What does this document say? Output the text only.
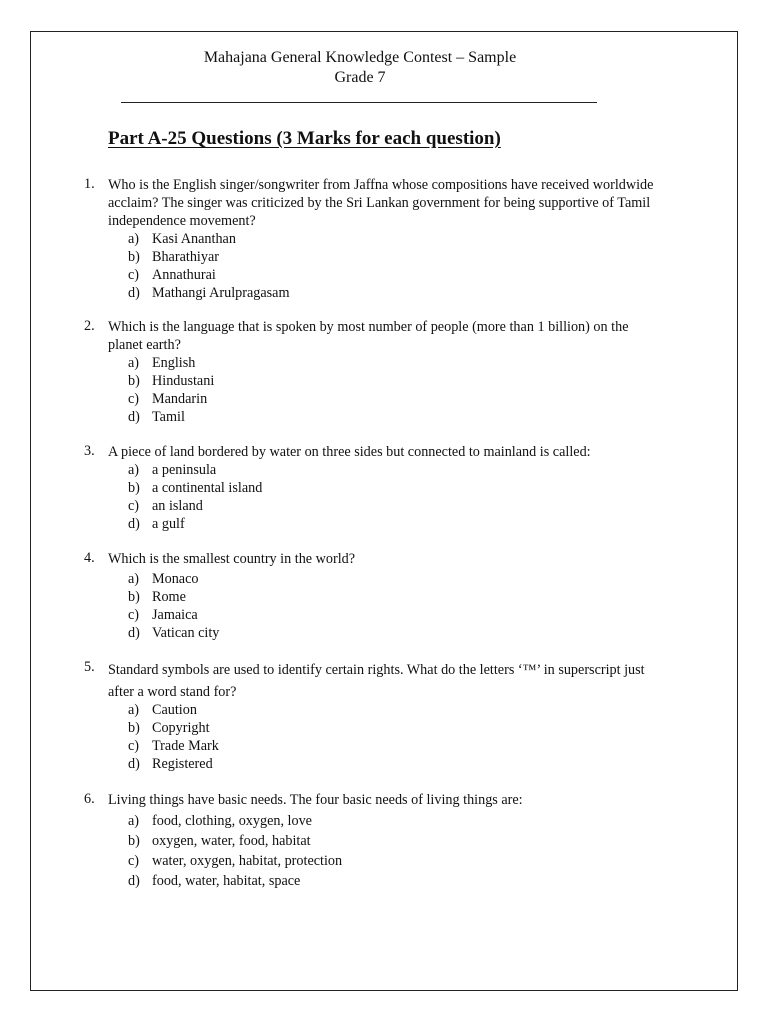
Mahajana General Knowledge Contest – Sample
Grade 7
Part A-25 Questions (3 Marks for each question)
1. Who is the English singer/songwriter from Jaffna whose compositions have received worldwide acclaim? The singer was criticized by the Sri Lankan government for being supportive of Tamil independence movement?
a) Kasi Ananthan
b) Bharathiyar
c) Annathurai
d) Mathangi Arulpragasam
2. Which is the language that is spoken by most number of people (more than 1 billion) on the planet earth?
a) English
b) Hindustani
c) Mandarin
d) Tamil
3. A piece of land bordered by water on three sides but connected to mainland is called:
a) a peninsula
b) a continental island
c) an island
d) a gulf
4. Which is the smallest country in the world?
a) Monaco
b) Rome
c) Jamaica
d) Vatican city
5. Standard symbols are used to identify certain rights. What do the letters ‘™’ in superscript just after a word stand for?
a) Caution
b) Copyright
c) Trade Mark
d) Registered
6. Living things have basic needs. The four basic needs of living things are:
a) food, clothing, oxygen, love
b) oxygen, water, food, habitat
c) water, oxygen, habitat, protection
d) food, water, habitat, space
